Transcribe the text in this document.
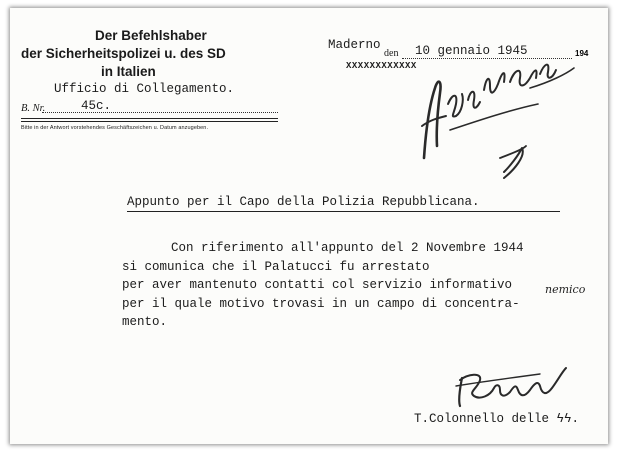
Der Befehlshaber
der Sicherheitspolizei u. des SD
in Italien
Ufficio di Collegamento.
B. Nr.	45c.
Bitte in der Antwort vorstehendes Geschäftszeichen u. Datum anzugeben.
Maderno
den 10 gennaio 1945	194
XXXXXXXXXXXX
Appunto per il Capo della Polizia Repubblicana.
Con riferimento all'appunto del 2 Novembre 1944
si comunica che il Palatucci fu arrestato
per aver mantenuto contatti col servizio informativo	nemico
per il quale motivo trovasi in un campo di concentra-
mento.
T.Colonnello delle ϟϟ.
